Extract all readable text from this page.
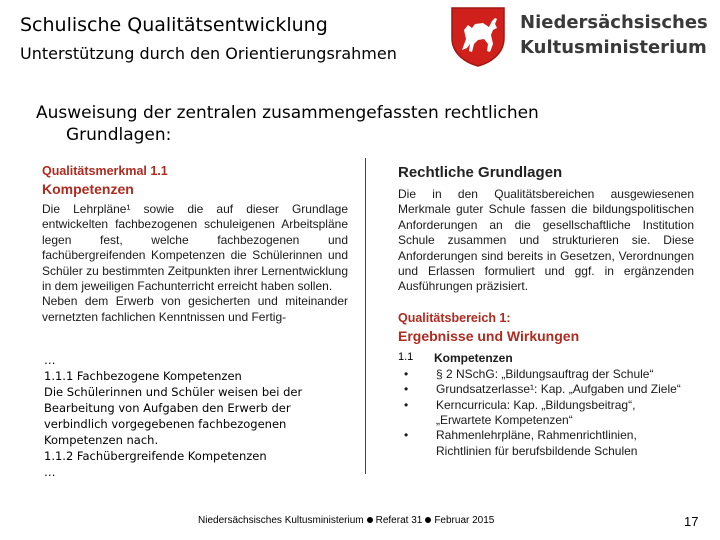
Schulische Qualitätsentwicklung
Unterstützung durch den Orientierungsrahmen
Niedersächsisches
Kultusministerium
Ausweisung der zentralen zusammengefassten rechtlichen
Grundlagen:
Qualitätsmerkmal 1.1
Kompetenzen

Die Lehrpläne¹ sowie die auf dieser Grundlage entwickelten fachbezogenen schuleigenen Arbeitspläne legen fest, welche fachbezogenen und fachübergreifenden Kompetenzen die Schülerinnen und Schüler zu bestimmten Zeitpunkten ihrer Lernentwicklung in dem jeweiligen Fachunterricht erreicht haben sollen.

Neben dem Erwerb von gesicherten und miteinander vernetzten fachlichen Kenntnissen und Fertig-

…
1.1.1 Fachbezogene Kompetenzen
Die Schülerinnen und Schüler weisen bei der Bearbeitung von Aufgaben den Erwerb der verbindlich vorgegebenen fachbezogenen Kompetenzen nach.
1.1.2 Fachübergreifende Kompetenzen
…
Rechtliche Grundlagen

Die in den Qualitätsbereichen ausgewiesenen Merkmale guter Schule fassen die bildungspolitischen Anforderungen an die gesellschaftliche Institution Schule zusammen und strukturieren sie. Diese Anforderungen sind bereits in Gesetzen, Verordnungen und Erlassen formuliert und ggf. in ergänzenden Ausführungen präzisiert.

Qualitätsbereich 1:
Ergebnisse und Wirkungen
1.1	Kompetenzen
•	§ 2 NSchG: „Bildungsauftrag der Schule“
•	Grundsatzerlasse¹: Kap. „Aufgaben und Ziele“
•	Kerncurricula: Kap. „Bildungsbeitrag“, „Erwartete Kompetenzen“
•	Rahmenlehrpläne, Rahmenrichtlinien, Richtlinien für berufsbildende Schulen
Niedersächsisches Kultusministerium Referat 31 Februar 2015	17
